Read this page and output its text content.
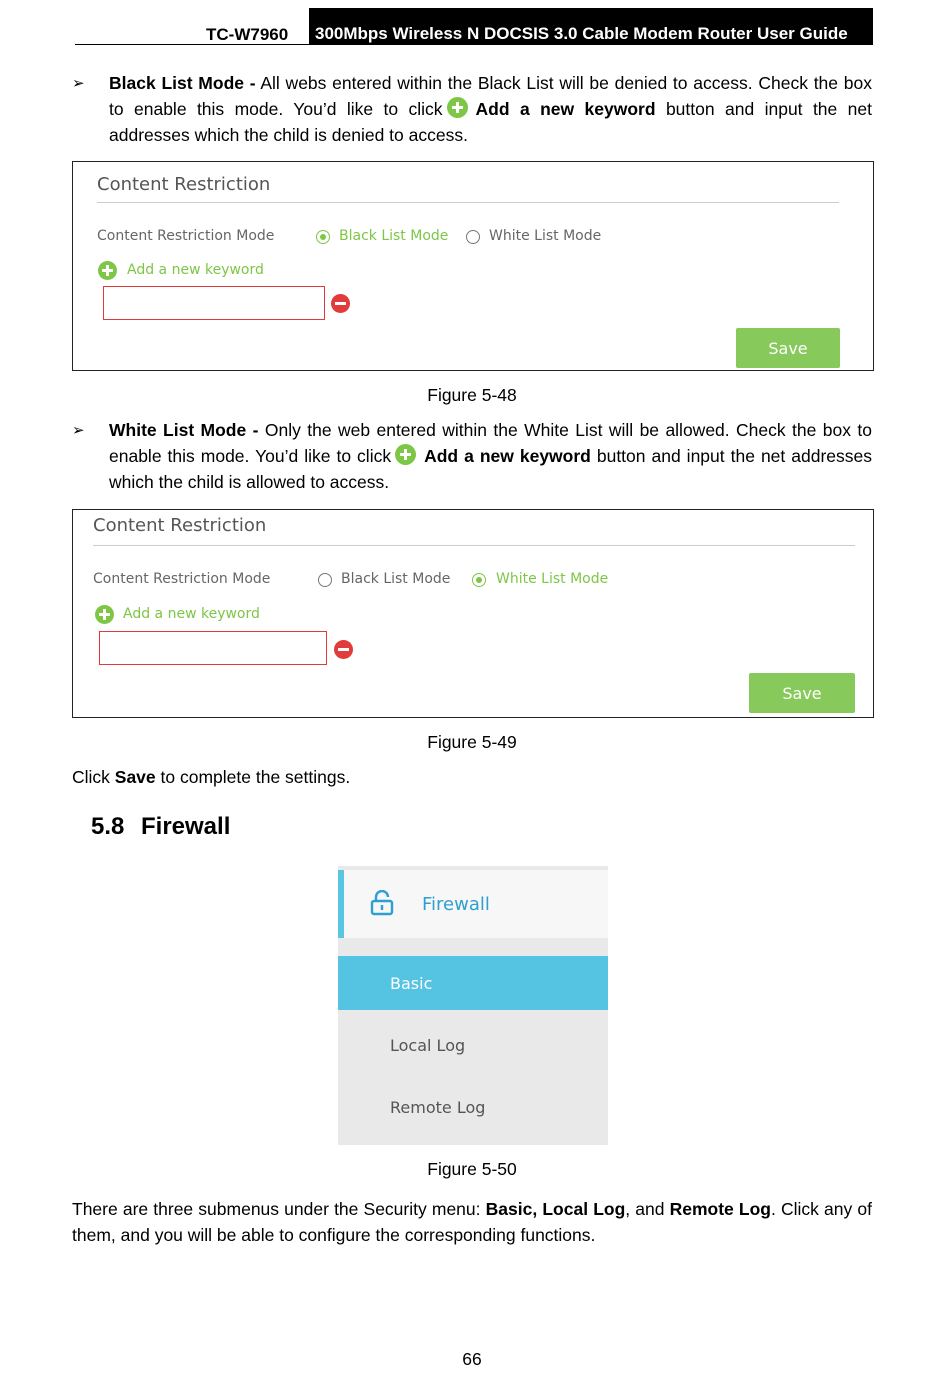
TC-W7960	300Mbps Wireless N DOCSIS 3.0 Cable Modem Router User Guide
➢ Black List Mode - All webs entered within the Black List will be denied to access. Check the box to enable this mode. You’d like to click Add a new keyword button and input the net addresses which the child is denied to access.

Content Restriction
Content Restriction Mode	Black List Mode	White List Mode
Add a new keyword
Save
Figure 5-48
➢ White List Mode - Only the web entered within the White List will be allowed. Check the box to enable this mode. You’d like to click Add a new keyword button and input the net addresses which the child is allowed to access.

Content Restriction
Content Restriction Mode	Black List Mode	White List Mode
Add a new keyword
Save
Figure 5-49

Click Save to complete the settings.

5.8 Firewall
Firewall
Basic
Local Log
Remote Log
Figure 5-50

There are three submenus under the Security menu: Basic, Local Log, and Remote Log. Click any of them, and you will be able to configure the corresponding functions.

66
